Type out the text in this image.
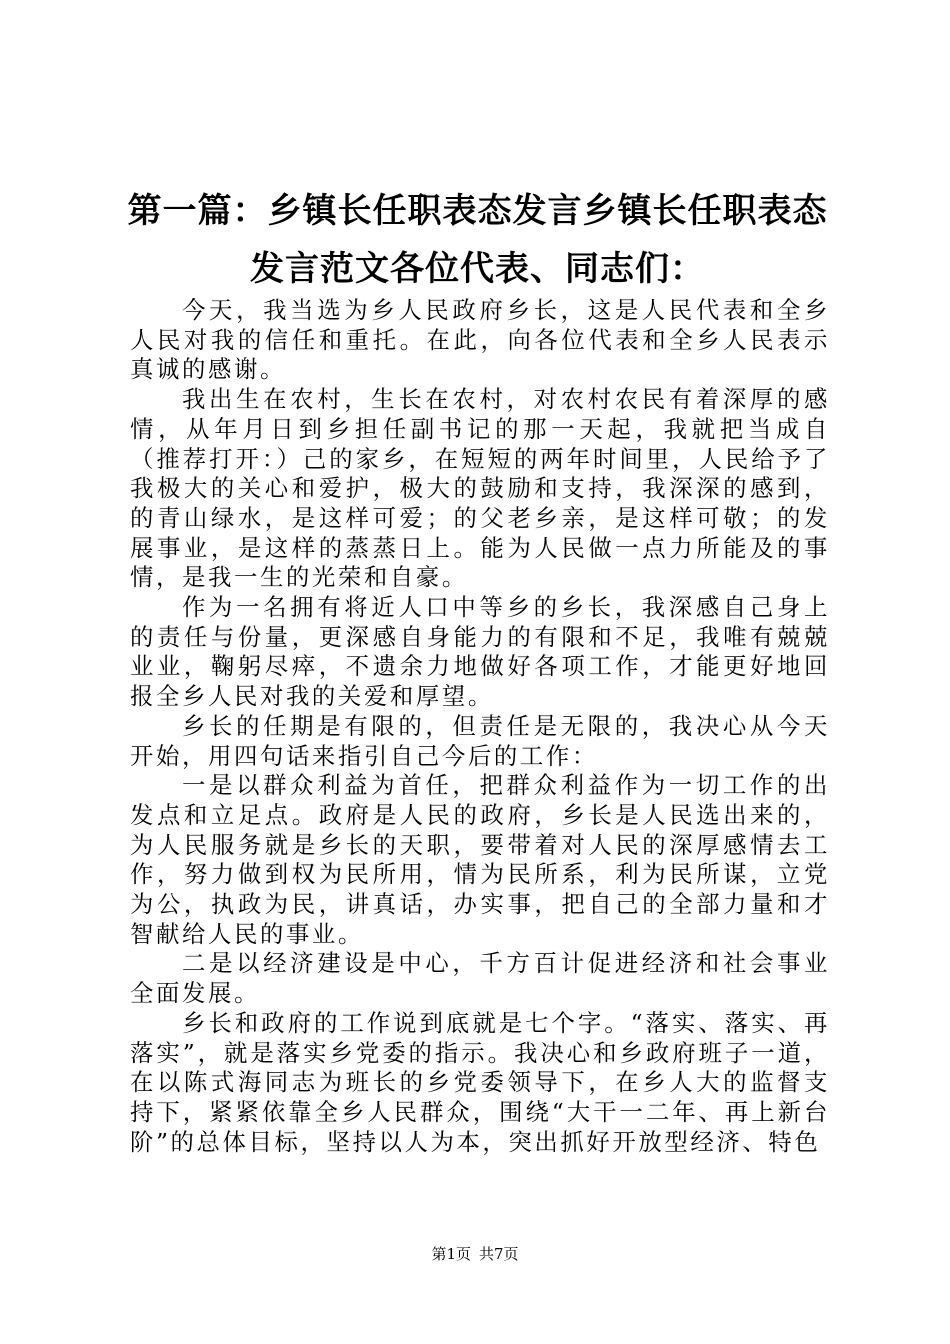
第一篇：乡镇长任职表态发言乡镇长任职表态
发言范文各位代表、同志们：

今天，我当选为乡人民政府乡长，这是人民代表和全乡人民对我的信任和重托。在此，向各位代表和全乡人民表示真诚的感谢。

我出生在农村，生长在农村，对农村农民有着深厚的感情，从年月日到乡担任副书记的那一天起，我就把当成自（推荐打开：）己的家乡，在短短的两年时间里，人民给予了我极大的关心和爱护，极大的鼓励和支持，我深深的感到，的青山绿水，是这样可爱；的父老乡亲，是这样可敬；的发展事业，是这样的蒸蒸日上。能为人民做一点力所能及的事情，是我一生的光荣和自豪。

作为一名拥有将近人口中等乡的乡长，我深感自己身上的责任与份量，更深感自身能力的有限和不足，我唯有兢兢业业，鞠躬尽瘁，不遗余力地做好各项工作，才能更好地回报全乡人民对我的关爱和厚望。

乡长的任期是有限的，但责任是无限的，我决心从今天开始，用四句话来指引自己今后的工作：

一是以群众利益为首任，把群众利益作为一切工作的出发点和立足点。政府是人民的政府，乡长是人民选出来的，为人民服务就是乡长的天职，要带着对人民的深厚感情去工作，努力做到权为民所用，情为民所系，利为民所谋，立党为公，执政为民，讲真话，办实事，把自己的全部力量和才智献给人民的事业。

二是以经济建设是中心，千方百计促进经济和社会事业全面发展。

乡长和政府的工作说到底就是七个字。“落实、落实、再落实”，就是落实乡党委的指示。我决心和乡政府班子一道，在以陈式海同志为班长的乡党委领导下，在乡人大的监督支持下，紧紧依靠全乡人民群众，围绕“大干一二年、再上新台阶”的总体目标，坚持以人为本，突出抓好开放型经济、特色

第1页 共7页
